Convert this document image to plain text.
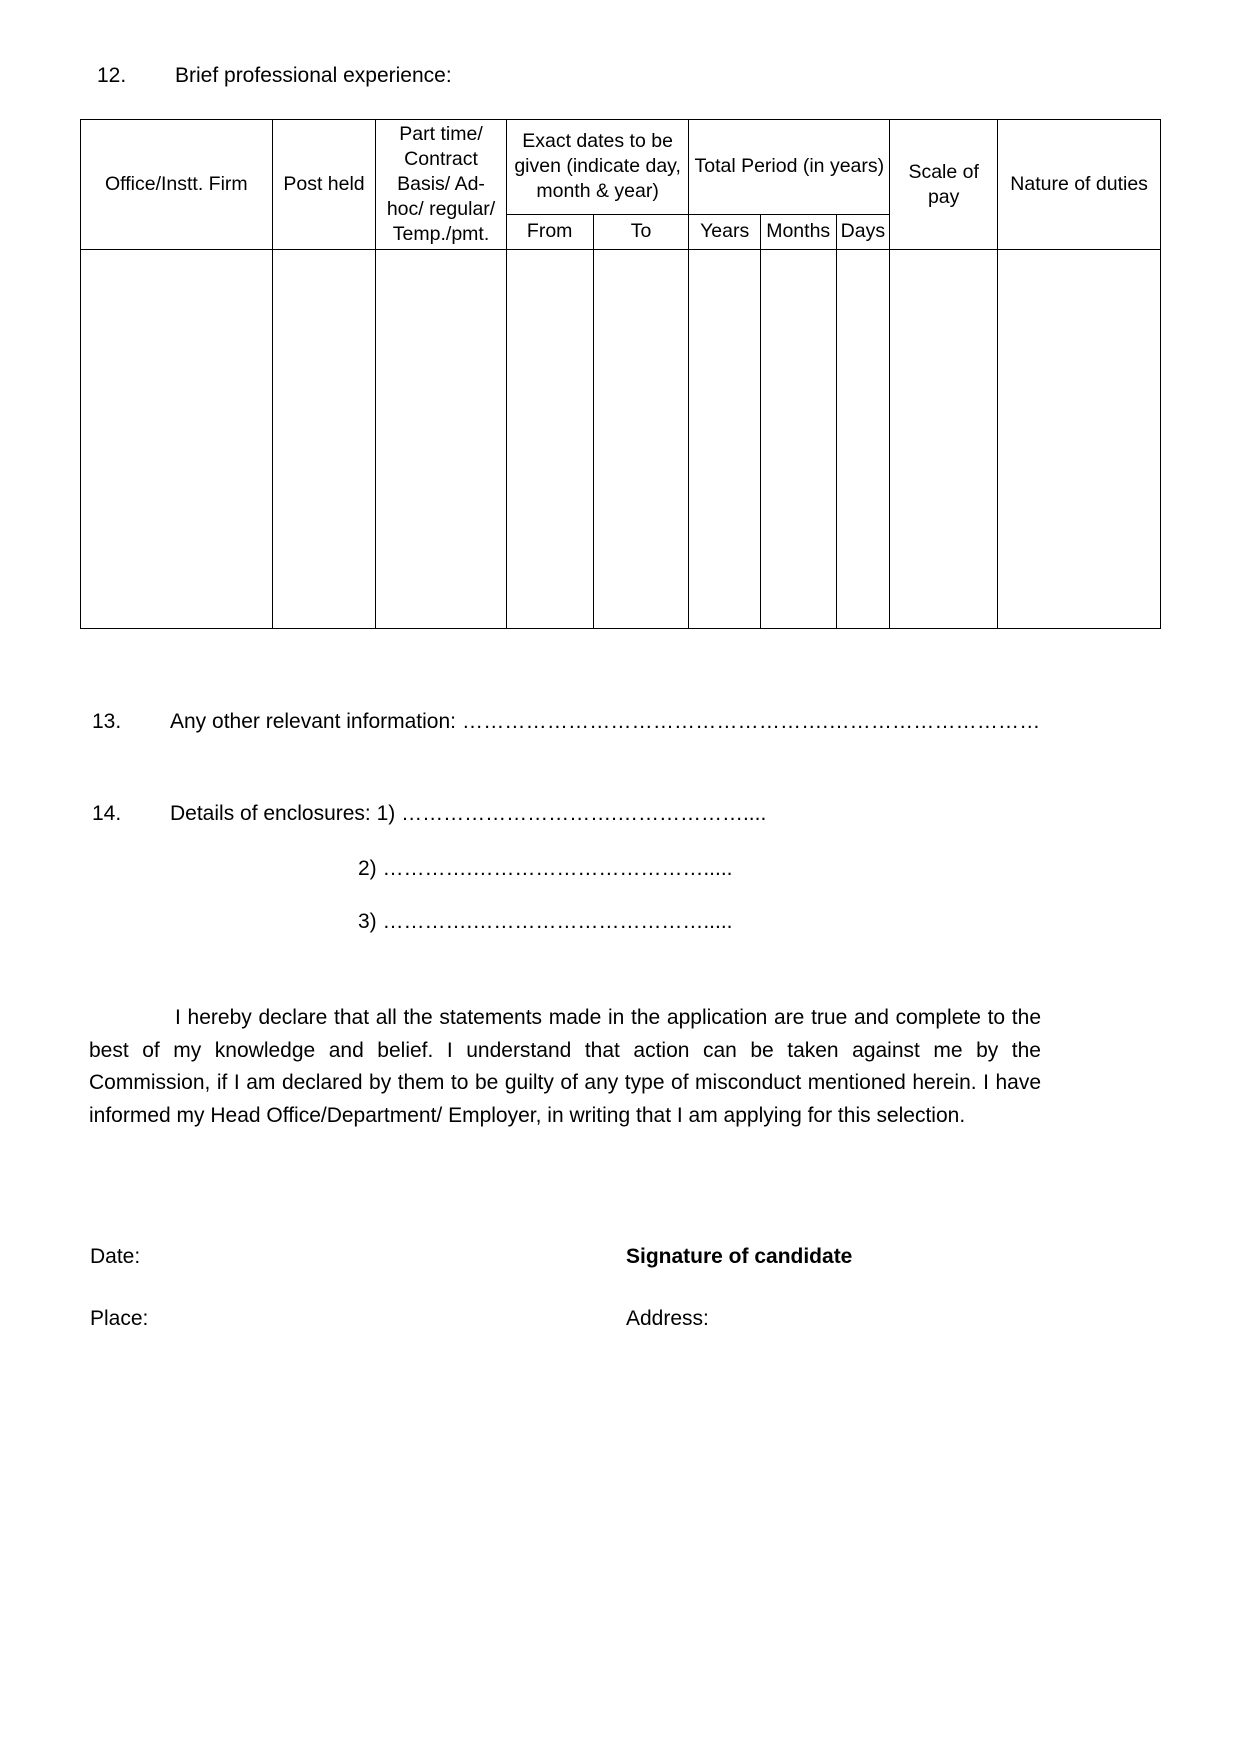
12. Brief professional experience:
Office/Instt. Firm	Post held	Part time/ Contract Basis/ Ad-hoc/ regular/ Temp./pmt.	Exact dates to be given (indicate day, month & year)		Total Period (in years)			Scale of pay	Nature of duties
			From	To	Years	Months	Days		

13. Any other relevant information: …………………………………………….…………………………
14. Details of enclosures: 1) ………………………….………………....
2) ………….…………………………….....
3) ………….…………………………….....
I hereby declare that all the statements made in the application are true and complete to the best of my knowledge and belief. I understand that action can be taken against me by the Commission, if I am declared by them to be guilty of any type of misconduct mentioned herein. I have informed my Head Office/Department/ Employer, in writing that I am applying for this selection.
Date:
Place:
Signature of candidate
Address:
